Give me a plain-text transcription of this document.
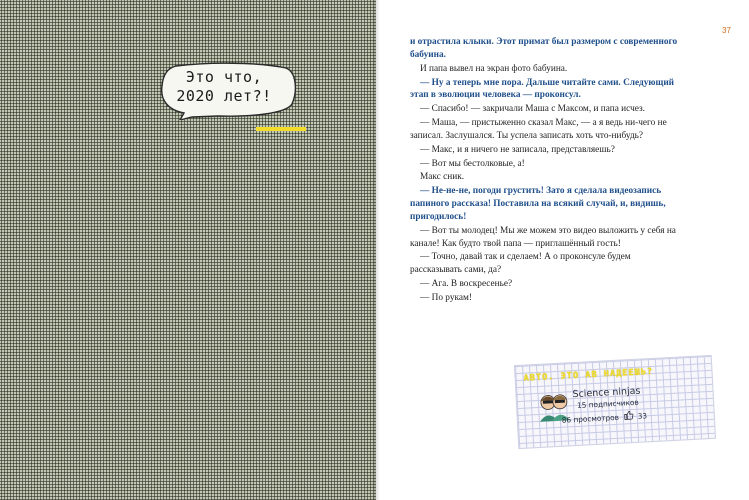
Это что,
2020 лет?!
37

и отрастила клыки. Этот примат был размером с современного бабуина.

И папа вывел на экран фото бабуина.

— Ну а теперь мне пора. Дальше читайте сами. Следующий этап в эволюции человека — проконсул.

— Спасибо! — закричали Маша с Максом, и папа исчез.

— Маша, — пристыженно сказал Макс, — а я ведь ни-чего не записал. Заслушался. Ты успела записать хоть что-нибудь?

— Макс, и я ничего не записала, представляешь?

— Вот мы бестолковые, а!

Макс сник.

— Не-не-не, погоди грустить! Зато я сделала видеозапись папиного рассказа! Поставила на всякий случай, и, видишь, пригодилось!

— Вот ты молодец! Мы же можем это видео выложить у себя на канале! Как будто твой папа — приглашённый гость!

— Точно, давай так и сделаем! А о проконсуле будем рассказывать сами, да?

— Ага. В воскресенье?

— По рукам!

АВТО. ЭТО АВ НАДЕЕШЬ?
Science ninjas
15 подписчиков
86 просмотров	33
